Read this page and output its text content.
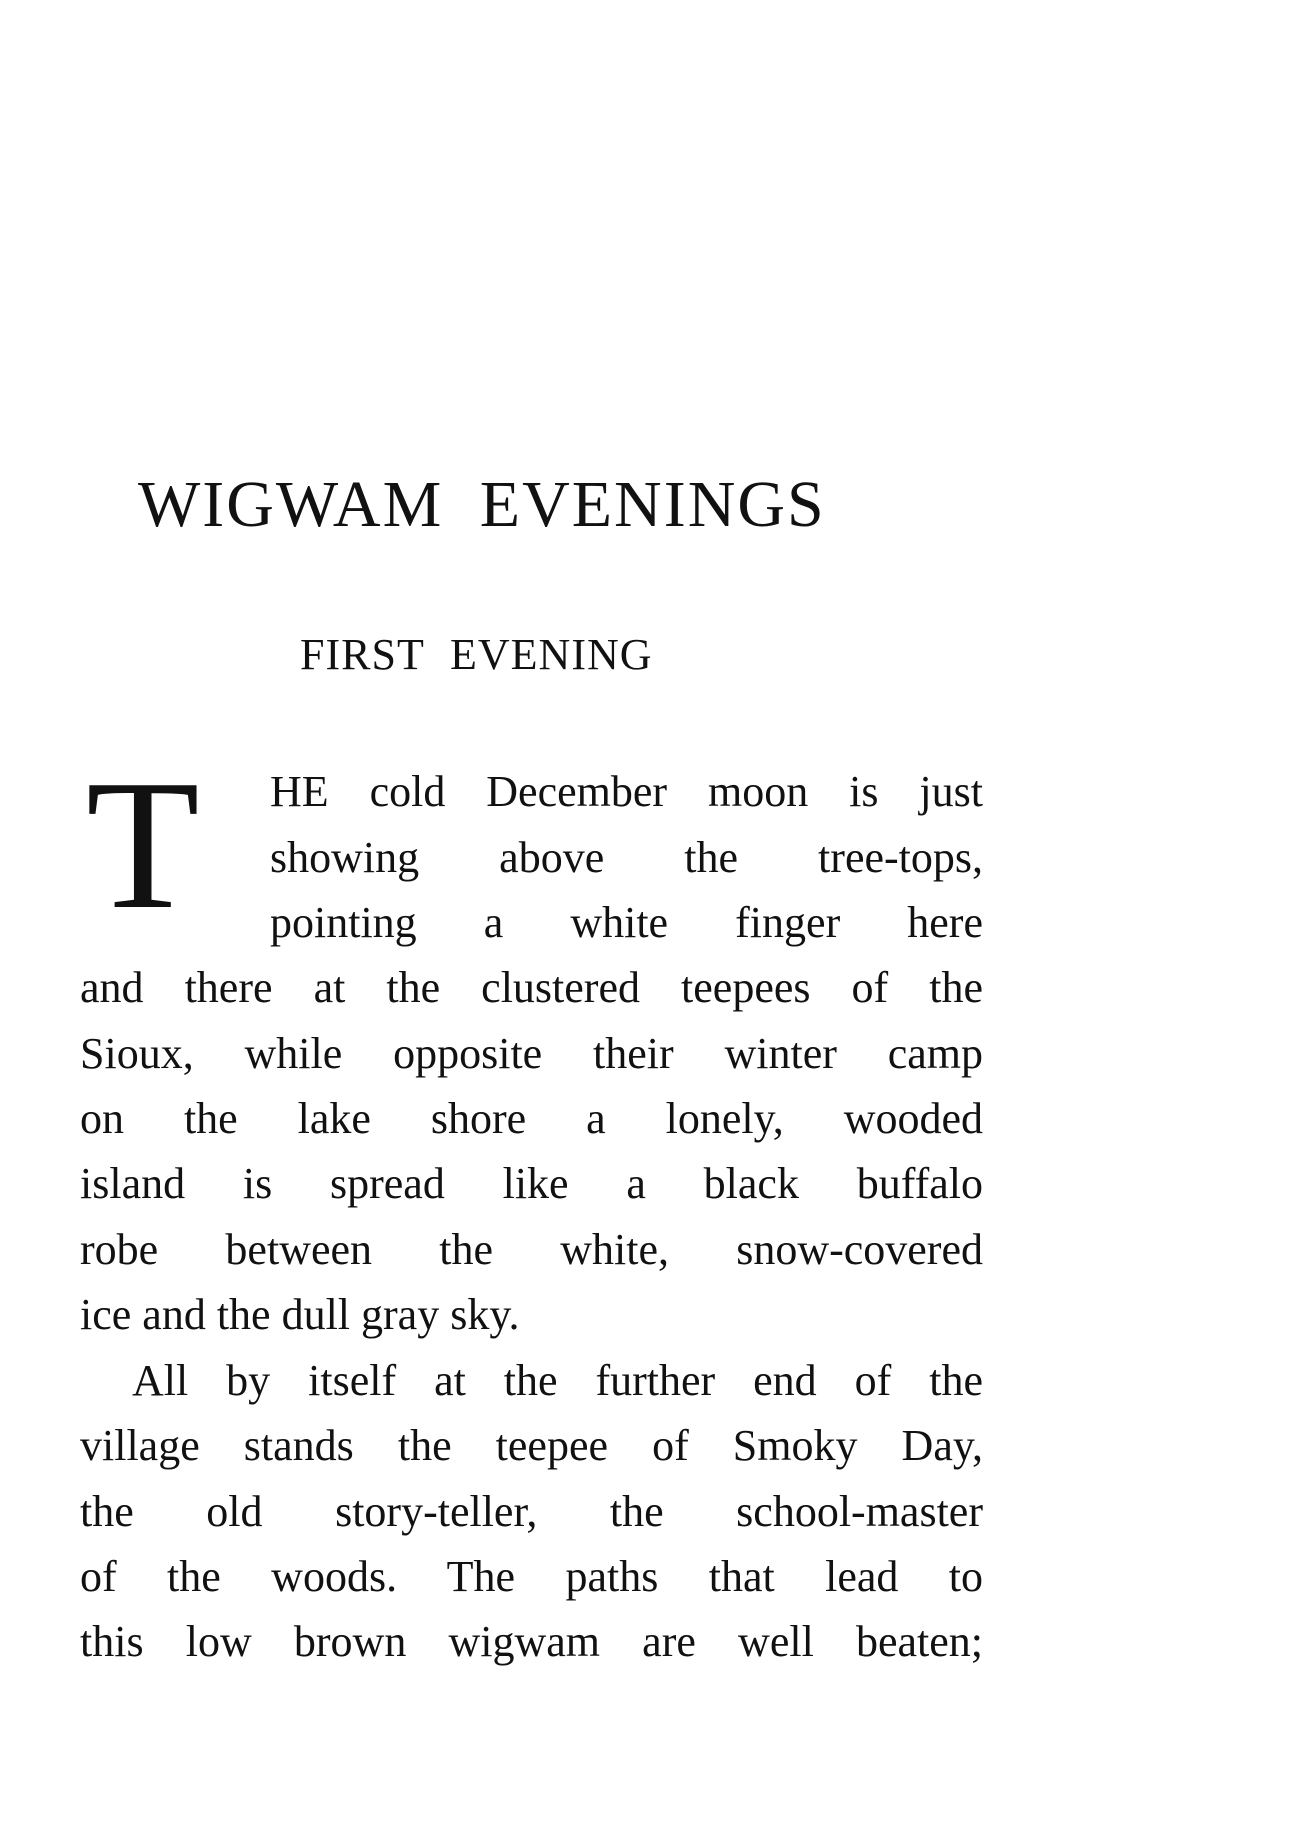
WIGWAM EVENINGS
FIRST EVENING
T HE cold December moon is just
showing above the tree-tops,
pointing a white finger here
and there at the clustered teepees of the
Sioux, while opposite their winter camp
on the lake shore a lonely, wooded
island is spread like a black buffalo
robe between the white, snow-covered
ice and the dull gray sky.
All by itself at the further end of the
village stands the teepee of Smoky Day,
the old story-teller, the school-master
of the woods. The paths that lead to
this low brown wigwam are well beaten;
